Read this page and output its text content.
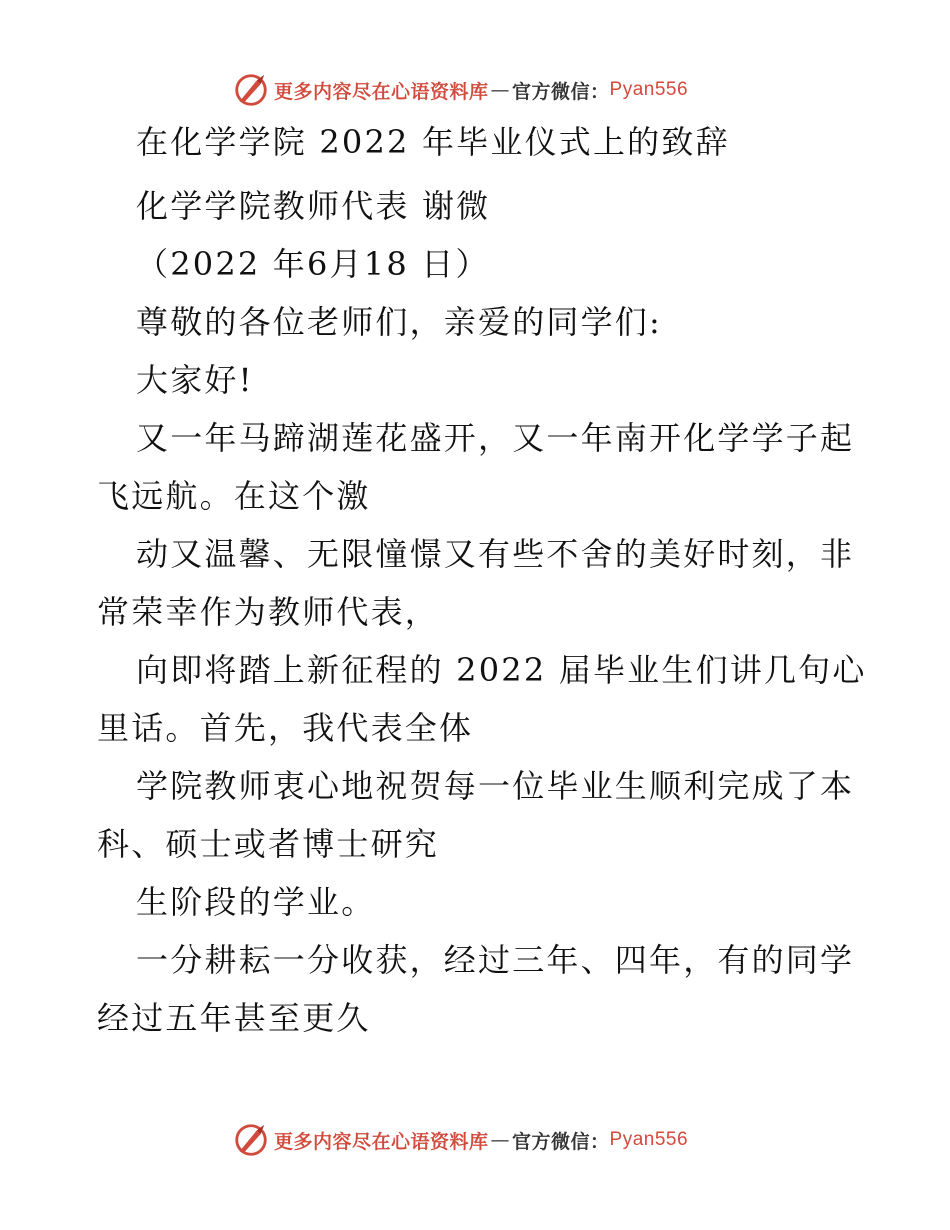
更多内容尽在心语资料库 — 官方微信： Pyan556
在化学学院 2022 年毕业仪式上的致辞
化学学院教师代表 谢微
（2022 年6月18 日）
尊敬的各位老师们，亲爱的同学们:
大家好!
又一年马蹄湖莲花盛开，又一年南开化学学子起
飞远航。在这个激
动又温馨、无限憧憬又有些不舍的美好时刻，非
常荣幸作为教师代表，
向即将踏上新征程的 2022 届毕业生们讲几句心
里话。首先，我代表全体
学院教师衷心地祝贺每一位毕业生顺利完成了本
科、硕士或者博士研究
生阶段的学业。
一分耕耘一分收获，经过三年、四年，有的同学
经过五年甚至更久
更多内容尽在心语资料库 — 官方微信： Pyan556
